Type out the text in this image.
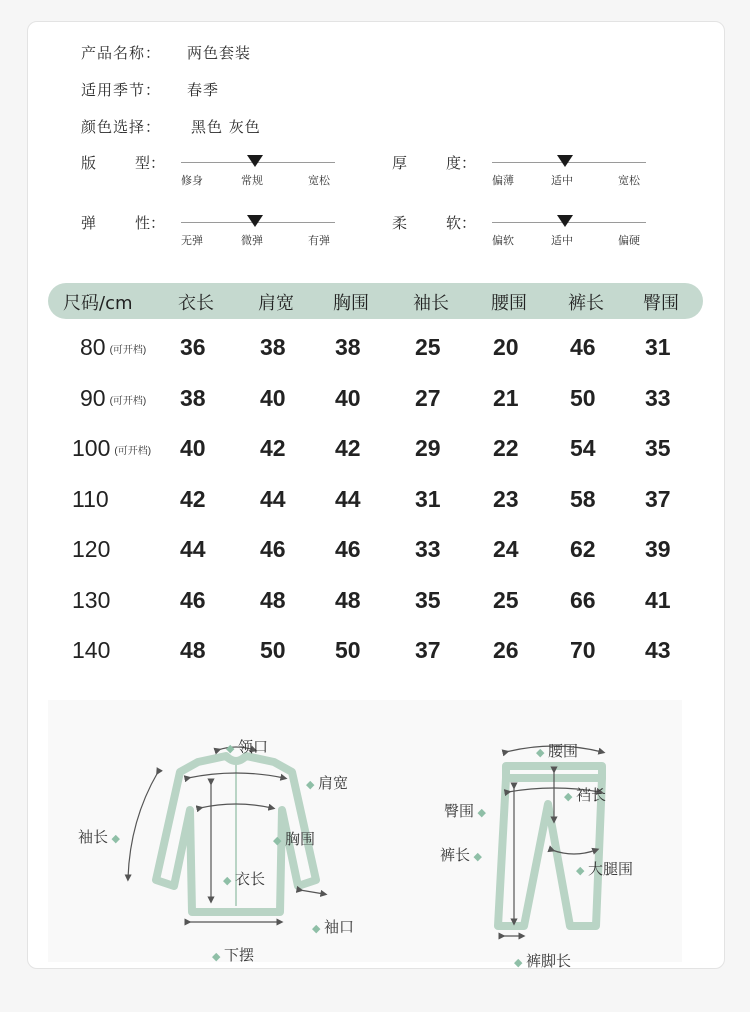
产品名称： 两色套装
适用季节： 春季
颜色选择： 黑色 灰色
版	型：
修身	常规	宽松
厚	度：
偏薄	适中	宽松
弹	性：
无弹	微弹	有弹
柔	软：
偏软	适中	偏硬
尺码/cm	衣长 肩宽 胸围 袖长 腰围 裤长 臀围
80 (可开档) 36 38 38 25 20 46 31
90 (可开档) 38 40 40 27 21 50 33
100 (可开档) 40 42 42 29 22 54 35
110	42 44 44 31 23 58 37
120	44 46 46 33 24 62 39
130	46 48 48 35 25 66 41
140	48 50 50 37 26 70 43
◆ 领口
◆ 肩宽
袖长 ◆	◆ 胸围
◆ 衣长
◆ 袖口
◆ 下摆
◆ 腰围
◆ 裆长
臀围 ◆
裤长 ◆
◆ 大腿围
◆ 裤脚长
